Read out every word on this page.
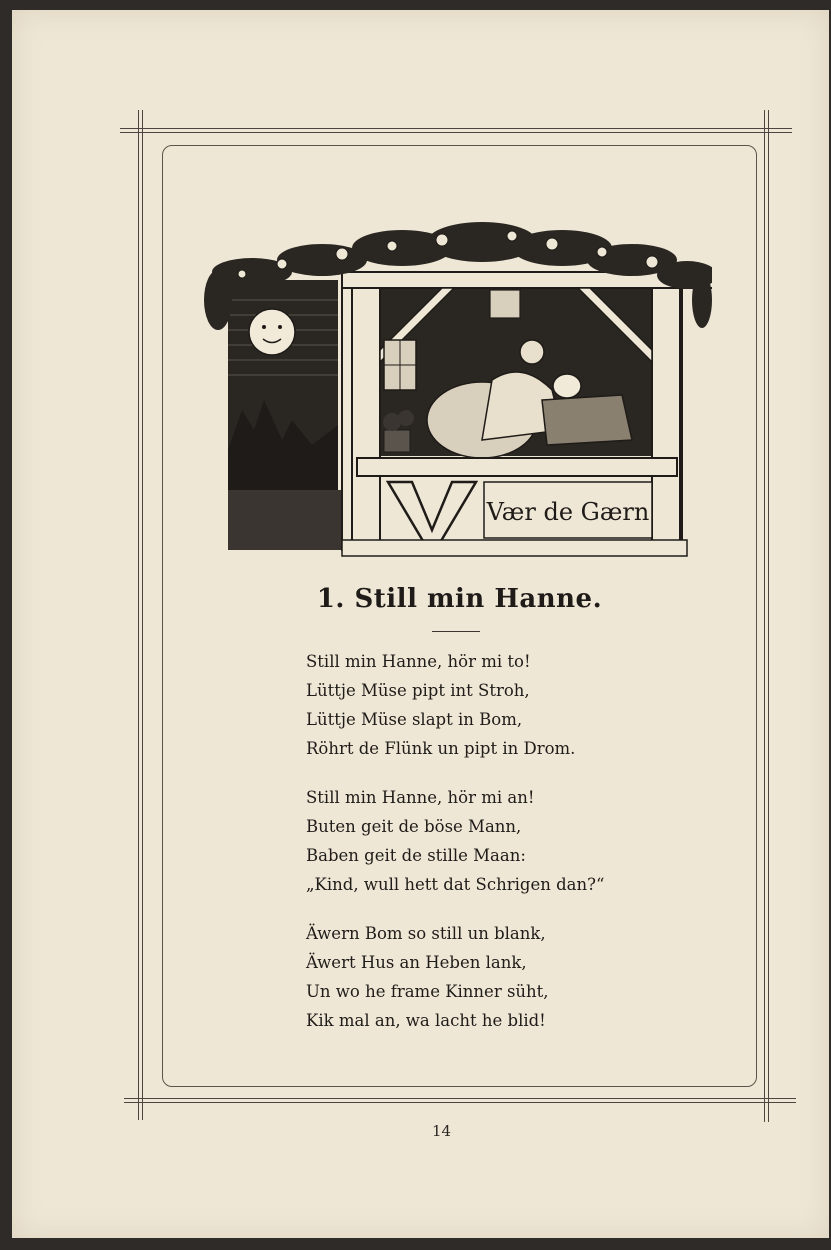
Vær de Gærn
1. Still min Hanne.
Still min Hanne, hör mi to!
Lüttje Müse pipt int Stroh,
Lüttje Müse slapt in Bom,
Röhrt de Flünk un pipt in Drom.
Still min Hanne, hör mi an!
Buten geit de böse Mann,
Baben geit de stille Maan:
„Kind, wull hett dat Schrigen dan?“
Äwern Bom so still un blank,
Äwert Hus an Heben lank,
Un wo he frame Kinner süht,
Kik mal an, wa lacht he blid!
14
